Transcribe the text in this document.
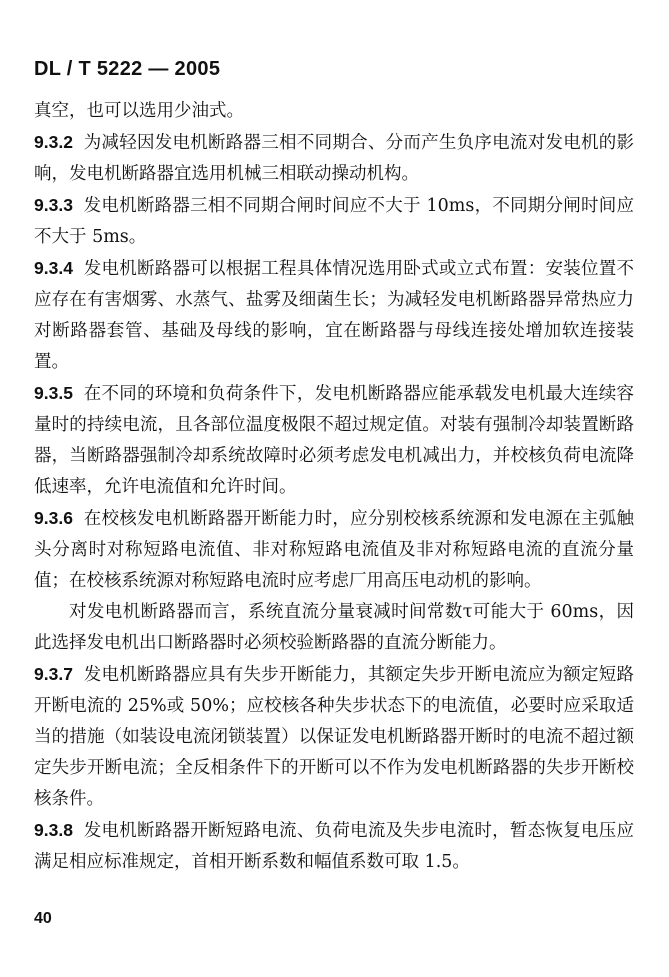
DL / T 5222 — 2005

真空，也可以选用少油式。

9.3.2 为减轻因发电机断路器三相不同期合、分而产生负序电流对发电机的影响，发电机断路器宜选用机械三相联动操动机构。

9.3.3 发电机断路器三相不同期合闸时间应不大于 10ms，不同期分闸时间应不大于 5ms。

9.3.4 发电机断路器可以根据工程具体情况选用卧式或立式布置：安装位置不应存在有害烟雾、水蒸气、盐雾及细菌生长；为减轻发电机断路器异常热应力对断路器套管、基础及母线的影响，宜在断路器与母线连接处增加软连接装置。

9.3.5 在不同的环境和负荷条件下，发电机断路器应能承载发电机最大连续容量时的持续电流，且各部位温度极限不超过规定值。对装有强制冷却装置断路器，当断路器强制冷却系统故障时必须考虑发电机减出力，并校核负荷电流降低速率，允许电流值和允许时间。

9.3.6 在校核发电机断路器开断能力时，应分别校核系统源和发电源在主弧触头分离时对称短路电流值、非对称短路电流值及非对称短路电流的直流分量值；在校核系统源对称短路电流时应考虑厂用高压电动机的影响。

对发电机断路器而言，系统直流分量衰减时间常数τ可能大于 60ms，因此选择发电机出口断路器时必须校验断路器的直流分断能力。

9.3.7 发电机断路器应具有失步开断能力，其额定失步开断电流应为额定短路开断电流的 25%或 50%；应校核各种失步状态下的电流值，必要时应采取适当的措施（如装设电流闭锁装置）以保证发电机断路器开断时的电流不超过额定失步开断电流；全反相条件下的开断可以不作为发电机断路器的失步开断校核条件。

9.3.8 发电机断路器开断短路电流、负荷电流及失步电流时，暂态恢复电压应满足相应标准规定，首相开断系数和幅值系数可取 1.5。

40
